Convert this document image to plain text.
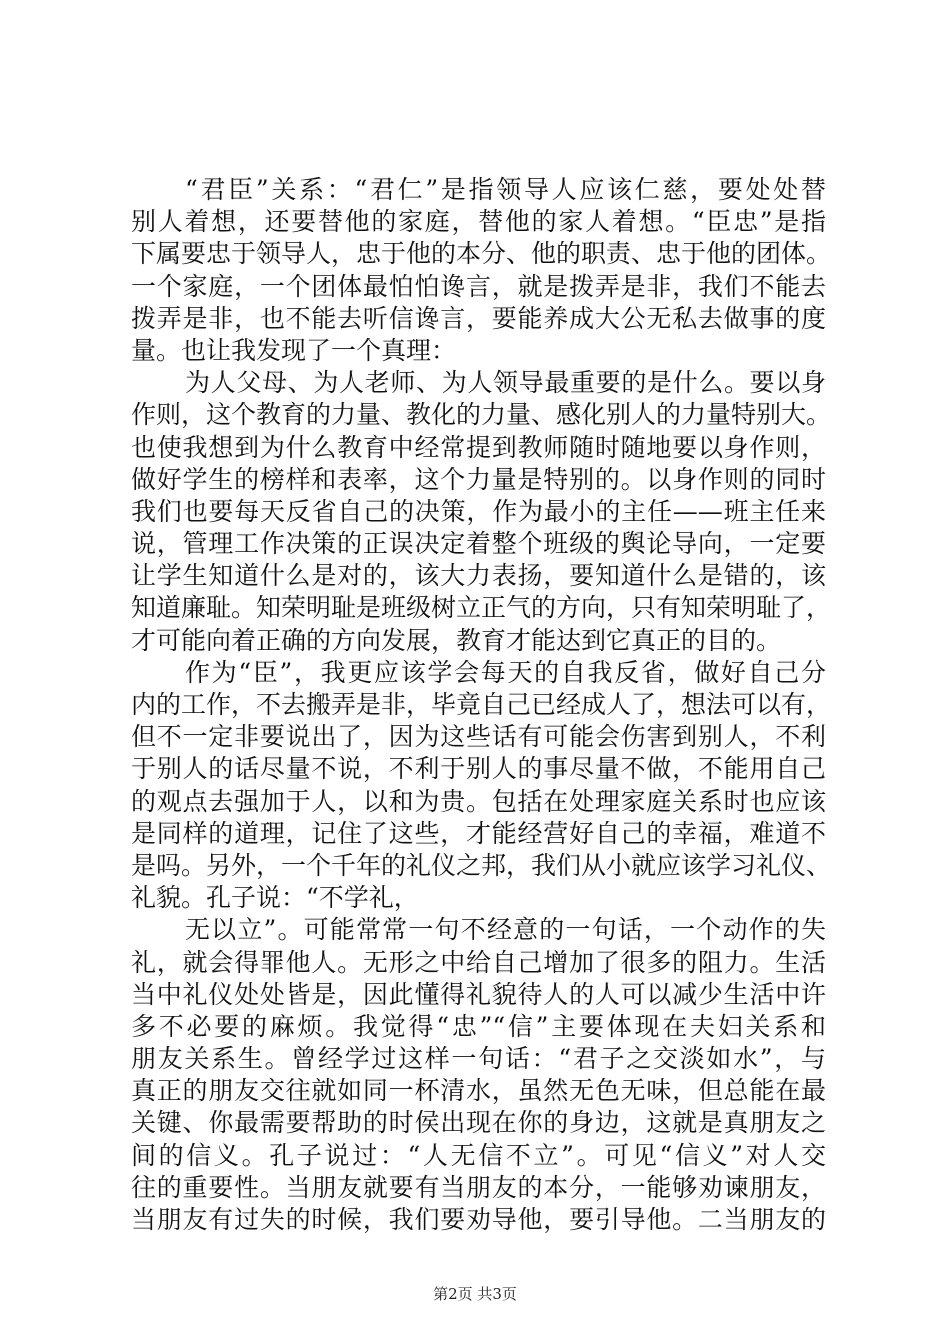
“君臣”关系：“君仁”是指领导人应该仁慈，要处处替
别人着想，还要替他的家庭，替他的家人着想。“臣忠”是指
下属要忠于领导人，忠于他的本分、他的职责、忠于他的团体。
一个家庭，一个团体最怕怕谗言，就是拨弄是非，我们不能去
拨弄是非，也不能去听信谗言，要能养成大公无私去做事的度
量。也让我发现了一个真理：
为人父母、为人老师、为人领导最重要的是什么。要以身
作则，这个教育的力量、教化的力量、感化别人的力量特别大。
也使我想到为什么教育中经常提到教师随时随地要以身作则，
做好学生的榜样和表率，这个力量是特别的。以身作则的同时
我们也要每天反省自己的决策，作为最小的主任——班主任来
说，管理工作决策的正误决定着整个班级的舆论导向，一定要
让学生知道什么是对的，该大力表扬，要知道什么是错的，该
知道廉耻。知荣明耻是班级树立正气的方向，只有知荣明耻了，
才可能向着正确的方向发展，教育才能达到它真正的目的。
作为“臣”，我更应该学会每天的自我反省，做好自己分
内的工作，不去搬弄是非，毕竟自己已经成人了，想法可以有，
但不一定非要说出了，因为这些话有可能会伤害到别人，不利
于别人的话尽量不说，不利于别人的事尽量不做，不能用自己
的观点去强加于人，以和为贵。包括在处理家庭关系时也应该
是同样的道理，记住了这些，才能经营好自己的幸福，难道不
是吗。另外，一个千年的礼仪之邦，我们从小就应该学习礼仪、
礼貌。孔子说：“不学礼，
无以立”。可能常常一句不经意的一句话，一个动作的失
礼，就会得罪他人。无形之中给自己增加了很多的阻力。生活
当中礼仪处处皆是，因此懂得礼貌待人的人可以减少生活中许
多不必要的麻烦。我觉得“忠”“信”主要体现在夫妇关系和
朋友关系生。曾经学过这样一句话：“君子之交淡如水”，与
真正的朋友交往就如同一杯清水，虽然无色无味，但总能在最
关键、你最需要帮助的时侯出现在你的身边，这就是真朋友之
间的信义。孔子说过：“人无信不立”。可见“信义”对人交
往的重要性。当朋友就要有当朋友的本分，一能够劝谏朋友，
当朋友有过失的时候，我们要劝导他，要引导他。二当朋友的
第2页 共3页
